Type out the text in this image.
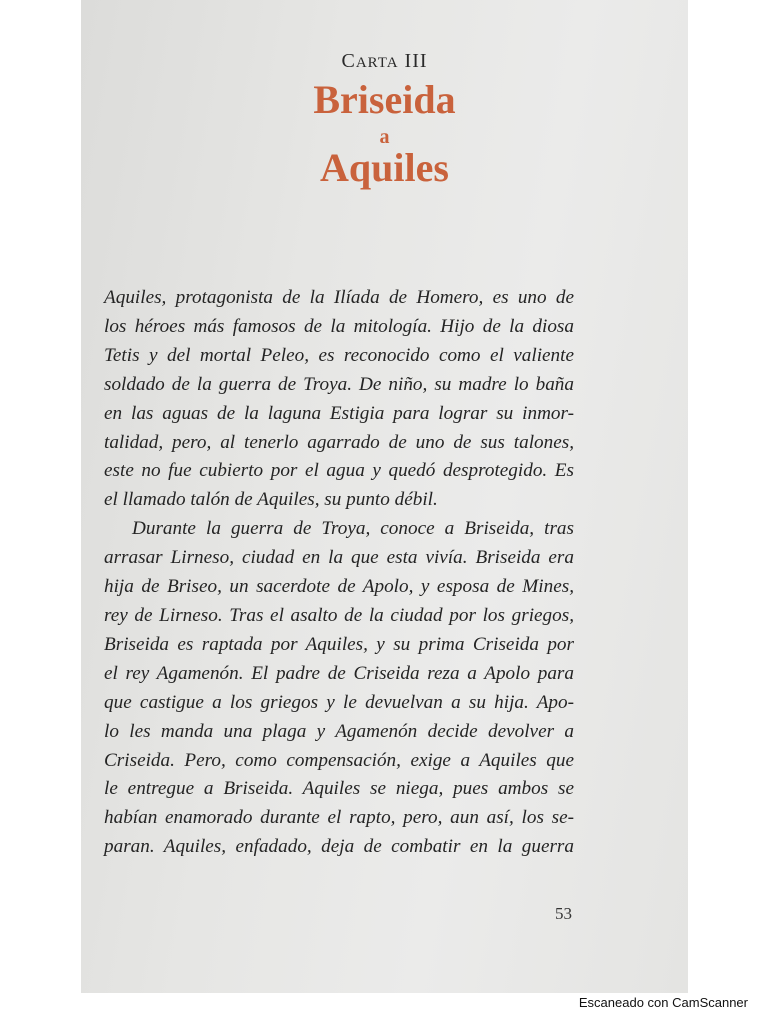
CARTA III
Briseida
a
Aquiles
Aquiles, protagonista de la Ilíada de Homero, es uno de
los héroes más famosos de la mitología. Hijo de la diosa
Tetis y del mortal Peleo, es reconocido como el valiente
soldado de la guerra de Troya. De niño, su madre lo baña
en las aguas de la laguna Estigia para lograr su inmor-
talidad, pero, al tenerlo agarrado de uno de sus talones,
este no fue cubierto por el agua y quedó desprotegido. Es
el llamado talón de Aquiles, su punto débil.
Durante la guerra de Troya, conoce a Briseida, tras
arrasar Lirneso, ciudad en la que esta vivía. Briseida era
hija de Briseo, un sacerdote de Apolo, y esposa de Mines,
rey de Lirneso. Tras el asalto de la ciudad por los griegos,
Briseida es raptada por Aquiles, y su prima Criseida por
el rey Agamenón. El padre de Criseida reza a Apolo para
que castigue a los griegos y le devuelvan a su hija. Apo-
lo les manda una plaga y Agamenón decide devolver a
Criseida. Pero, como compensación, exige a Aquiles que
le entregue a Briseida. Aquiles se niega, pues ambos se
habían enamorado durante el rapto, pero, aun así, los se-
paran. Aquiles, enfadado, deja de combatir en la guerra
53
Escaneado con CamScanner
